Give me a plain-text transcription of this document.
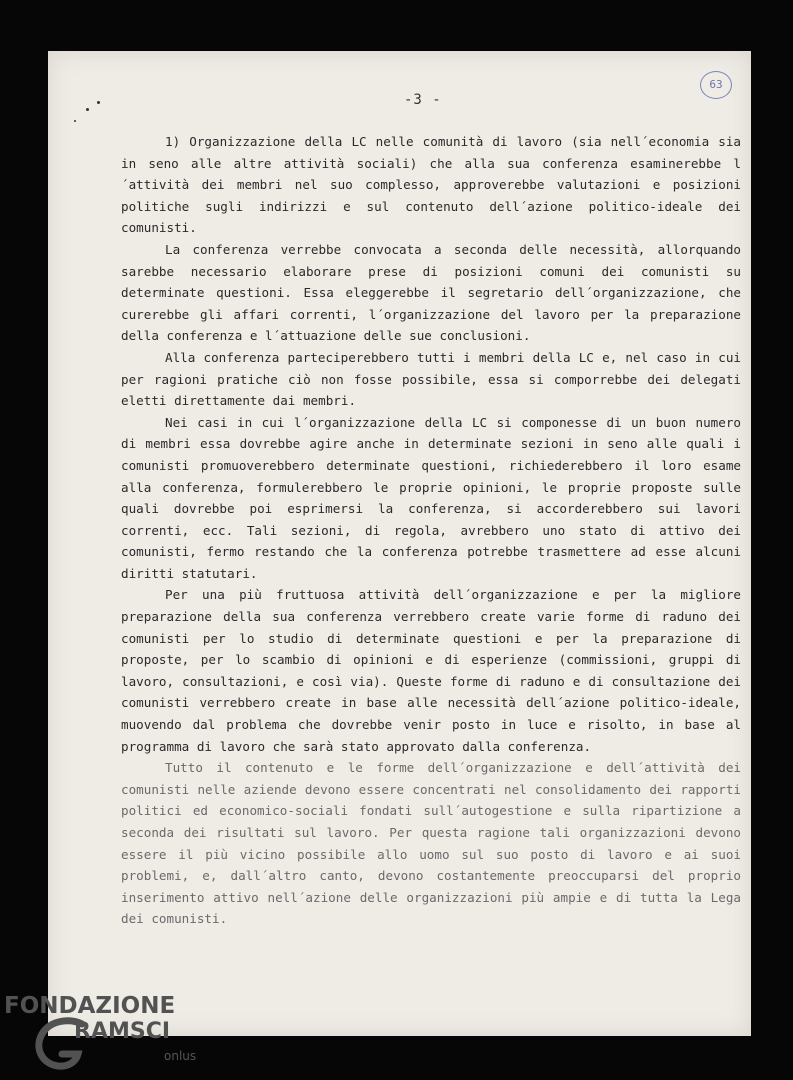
-3 -
63

1) Organizzazione della LC nelle comunità di lavoro (sia nell´economia sia in seno alle altre attività sociali) che alla sua conferenza esaminerebbe l´attività dei membri nel suo complesso, approverebbe valutazioni e posizioni politiche sugli indirizzi e sul contenuto dell´azione politico-ideale dei comunisti.

La conferenza verrebbe convocata a seconda delle necessità, allorquando sarebbe necessario elaborare prese di posizioni comuni dei comunisti su determinate questioni. Essa eleggerebbe il segretario dell´organizzazione, che curerebbe gli affari correnti, l´organizzazione del lavoro per la preparazione della conferenza e l´attuazione delle sue conclusioni.

Alla conferenza parteciperebbero tutti i membri della LC e, nel caso in cui per ragioni pratiche ciò non fosse possibile, essa si comporrebbe dei delegati eletti direttamente dai membri.

Nei casi in cui l´organizzazione della LC si componesse di un buon numero di membri essa dovrebbe agire anche in determinate sezioni in seno alle quali i comunisti promuoverebbero determinate questioni, richiederebbero il loro esame alla conferenza, formulerebbero le proprie opinioni, le proprie proposte sulle quali dovrebbe poi esprimersi la conferenza, si accorderebbero sui lavori correnti, ecc. Tali sezioni, di regola, avrebbero uno stato di attivo dei comunisti, fermo restando che la conferenza potrebbe trasmettere ad esse alcuni diritti statutari.

Per una più fruttuosa attività dell´organizzazione e per la migliore preparazione della sua conferenza verrebbero create varie forme di raduno dei comunisti per lo studio di determinate questioni e per la preparazione di proposte, per lo scambio di opinioni e di esperienze (commissioni, gruppi di lavoro, consultazioni, e così via). Queste forme di raduno e di consultazione dei comunisti verrebbero create in base alle necessità dell´azione politico-ideale, muovendo dal problema che dovrebbe venir posto in luce e risolto, in base al programma di lavoro che sarà stato approvato dalla conferenza.

Tutto il contenuto e le forme dell´organizzazione e dell´attività dei comunisti nelle aziende devono essere concentrati nel consolidamento dei rapporti politici ed economico-sociali fondati sull´autogestione e sulla ripartizione a seconda dei risultati sul lavoro. Per questa ragione tali organizzazioni devono essere il più vicino possibile allo uomo sul suo posto di lavoro e ai suoi problemi, e, dall´altro canto, devono costantemente preoccuparsi del proprio inserimento attivo nell´azione delle organizzazioni più ampie e di tutta la Lega dei comunisti.

FONDAZIONE
RAMSCI
onlus
